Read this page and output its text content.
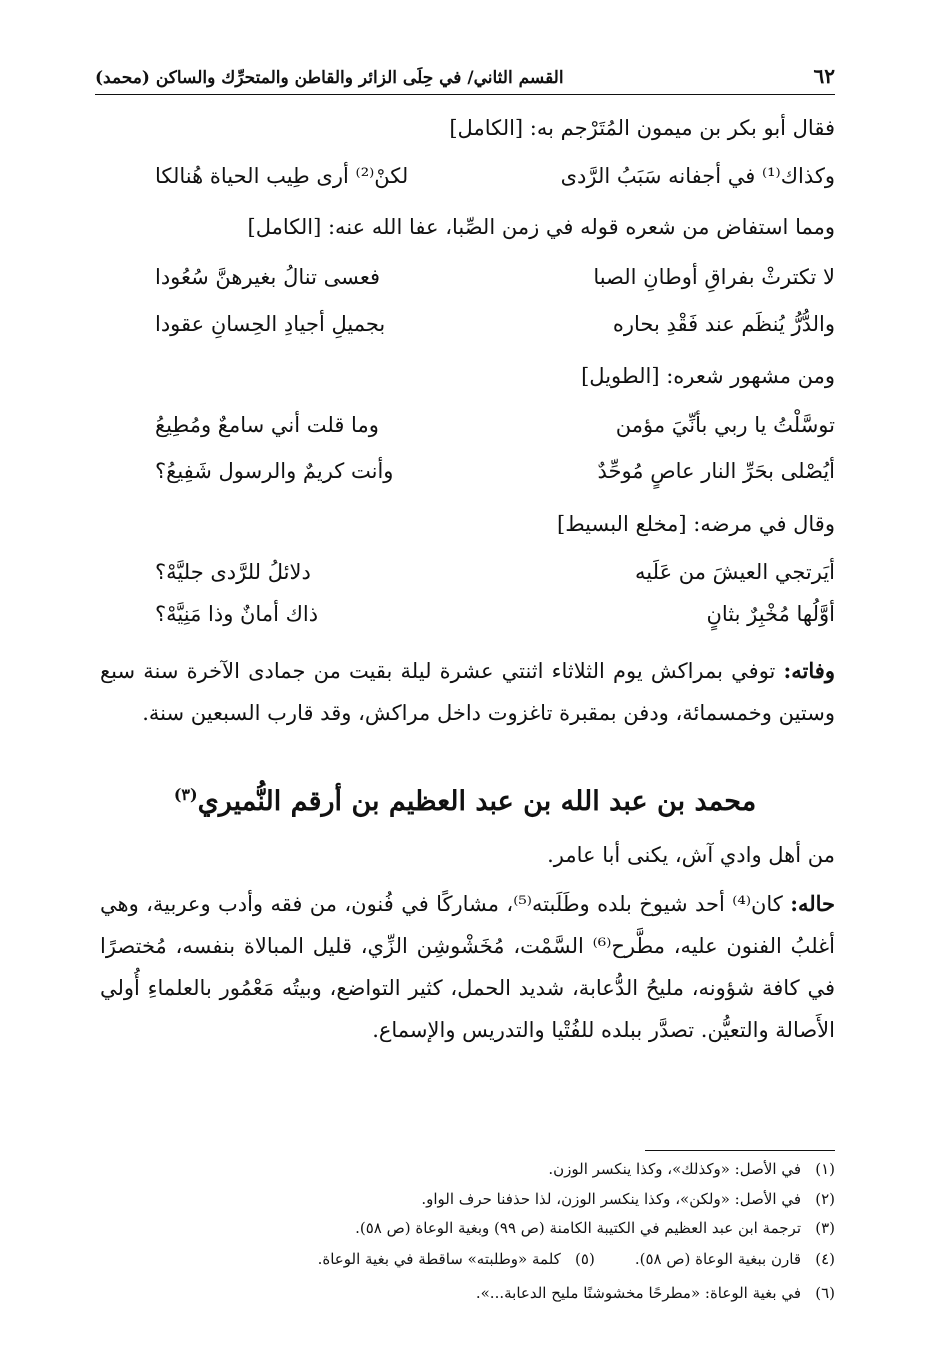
٦٢
القسم الثاني/ في حِلَى الزائر والقاطن والمتحرِّك والساكن (محمد)
فقال أبو بكر بن ميمون المُتَرْجم به: [الكامل]
وكذاك⁽¹⁾ في أجفانه سَبَبُ الرَّدى
لكنْ⁽²⁾ أرى طِيب الحياة هُنالكا
ومما استفاض من شعره قوله في زمن الصِّبا، عفا الله عنه: [الكامل]
لا تكترثْ بفراقِ أوطانِ الصبا
فعسى تنالُ بغيرهنَّ سُعُودا
والدُّرُّ يُنظَم عند فَقْدِ بحاره
بجميلِ أجيادِ الحِسانِ عقودا
ومن مشهور شعره: [الطويل]
توسَّلْتُ يا ربي بأنِّيَ مؤمن
وما قلت أني سامعٌ ومُطِيعُ
أيُصْلى بحَرِّ النار عاصٍ مُوحِّدٌ
وأنت كريمٌ والرسول شَفِيعُ؟
وقال في مرضه: [مخلع البسيط]
أيَرتجي العيشَ من عَلَيه
دلائلُ للرَّدى جليَّهْ؟
أوَّلُها مُخْبِرٌ بثانٍ
ذاك أمانٌ وذا مَنِيَّهْ؟
وفاته: توفي بمراكش يوم الثلاثاء اثنتي عشرة ليلة بقيت من جمادى الآخرة سنة سبع وستين وخمسمائة، ودفن بمقبرة تاغزوت داخل مراكش، وقد قارب السبعين سنة.
محمد بن عبد الله بن عبد العظيم بن أرقم النُّميري$^{(٣)}$
من أهل وادي آش، يكنى أبا عامر.
حاله: كان⁽⁴⁾ أحد شيوخ بلده وطَلَبته⁽⁵⁾، مشاركًا في فُنون، من فقه وأدب وعربية، وهي أغلبُ الفنون عليه، مطَّرح⁽⁶⁾ السَّمْت، مُخَشْوشِن الزِّي، قليل المبالاة بنفسه، مُختصرًا في كافة شؤونه، مليحُ الدُّعابة، شديد الحمل، كثير التواضع، وبيتُه مَعْمُور بالعلماءِ أُولي الأَصالة والتعيُّن. تصدَّر ببلده للفُتْيا والتدريس والإسماع.
(١)في الأصل: «وكذلك»، وكذا ينكسر الوزن.
(٢)في الأصل: «ولكن»، وكذا ينكسر الوزن، لذا حذفنا حرف الواو.
(٣)ترجمة ابن عبد العظيم في الكتيبة الكامنة (ص ٩٩) وبغية الوعاة (ص ٥٨).
(٤)قارن ببغية الوعاة (ص ٥٨).(٥)كلمة «وطلبته» ساقطة في بغية الوعاة.
(٦)في بغية الوعاة: «مطرحًا مخشوشنًا مليح الدعابة...».
